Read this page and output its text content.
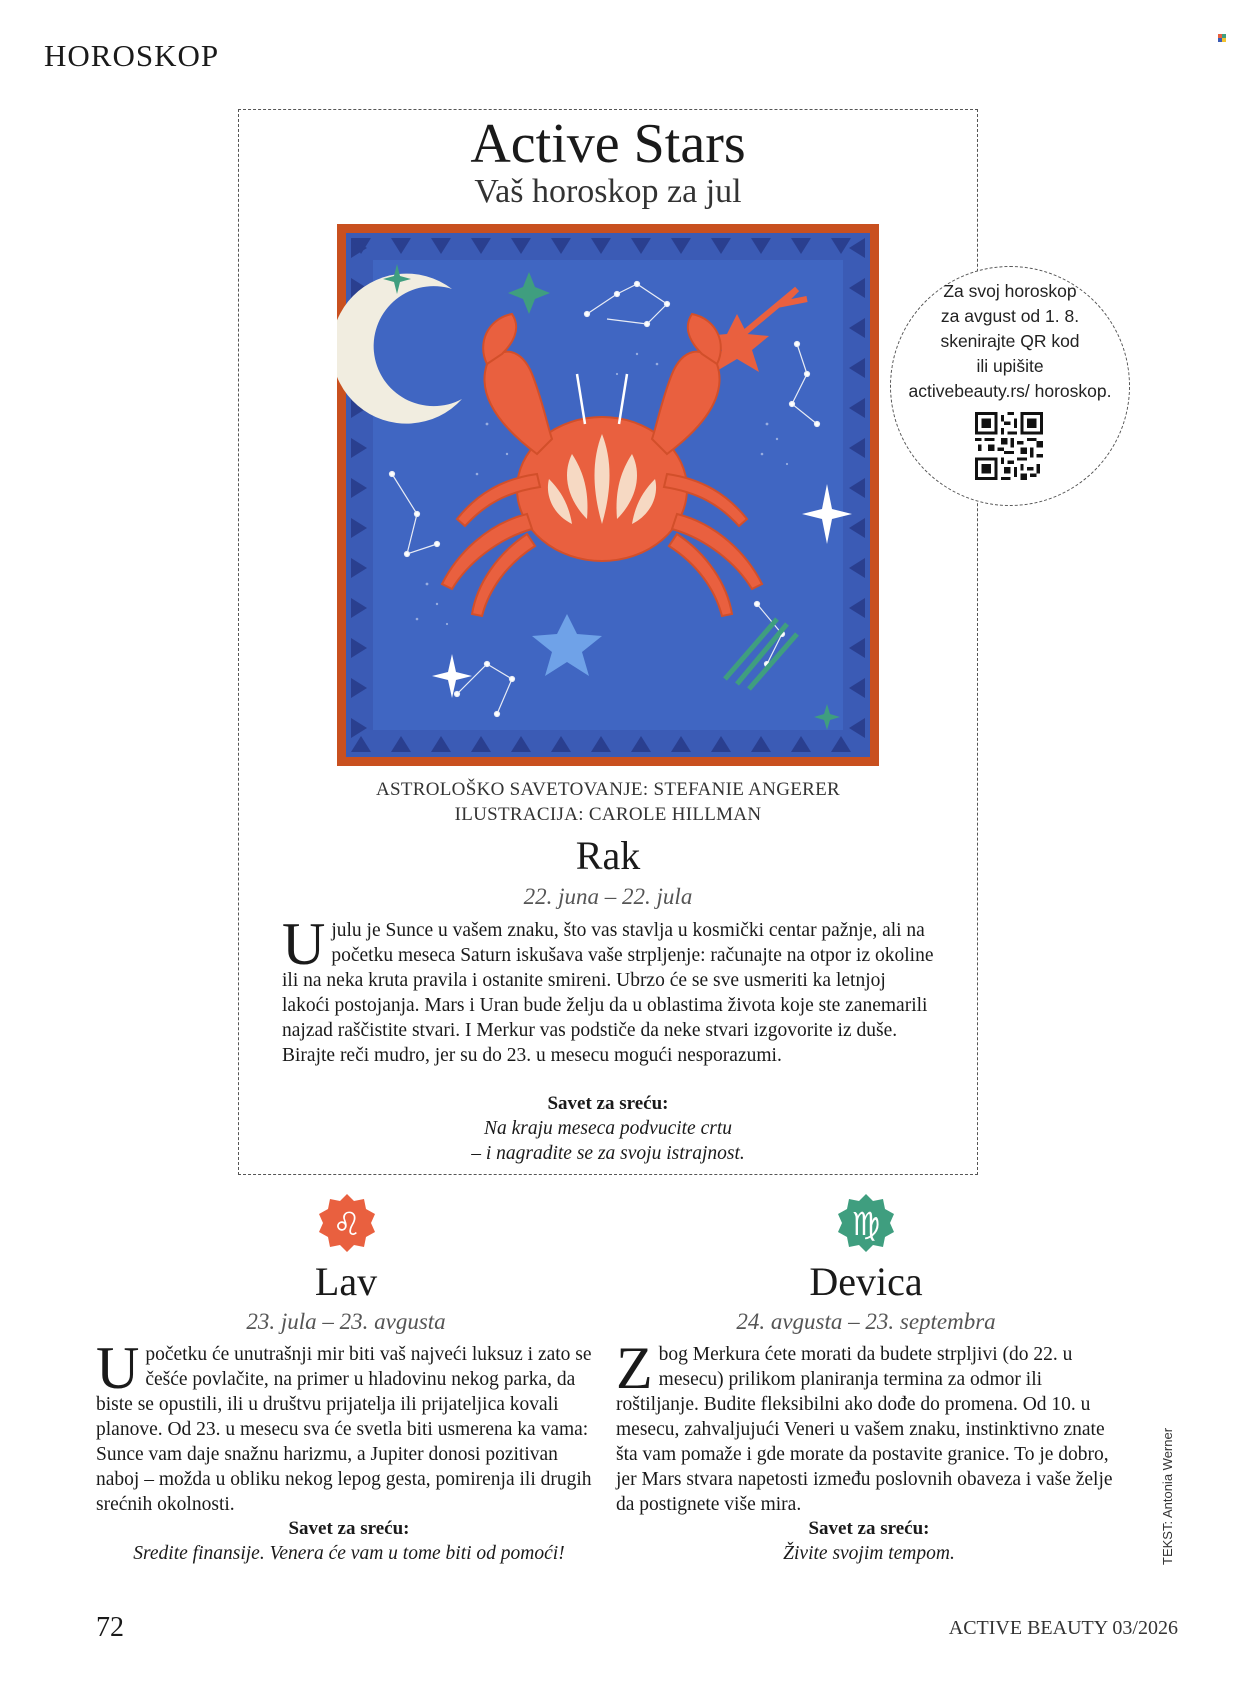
HOROSKOP
Active Stars
Vaš horoskop za jul
ASTROLOŠKO SAVETOVANJE: STEFANIE ANGERER
ILUSTRACIJA: CAROLE HILLMAN
Za svoj horoskop
za avgust od 1. 8.
skenirajte QR kod
ili upišite
activebeauty.rs/ horoskop.
Rak
22. juna – 22. jula
Ujulu je Sunce u vašem znaku, što vas stavlja u kosmički centar pažnje, ali na početku meseca Saturn iskušava vaše strpljenje: računajte na otpor iz okoline ili na neka kruta pravila i ostanite smireni. Ubrzo će se sve usmeriti ka letnjoj lakoći postojanja. Mars i Uran bude želju da u oblastima života koje ste zanemarili najzad raščistite stvari. I Merkur vas podstiče da neke stvari izgovorite iz duše. Birajte reči mudro, jer su do 23. u mesecu mogući nesporazumi.
Savet za sreću:
Na kraju meseca podvucite crtu
– i nagradite se za svoju istrajnost.
♌
Lav
23. jula – 23. avgusta
Upočetku će unutrašnji mir biti vaš najveći luksuz i zato se češće povlačite, na primer u hladovinu nekog parka, da biste se opustili, ili u društvu prijatelja ili prijateljica kovali planove. Od 23. u mesecu sva će svetla biti usmerena ka vama: Sunce vam daje snažnu harizmu, a Jupiter donosi pozitivan naboj – možda u obliku nekog lepog gesta, pomirenja ili drugih srećnih okolnosti.
Savet za sreću:
Sredite finansije. Venera će vam u tome biti od pomoći!
♍
Devica
24. avgusta – 23. septembra
Zbog Merkura ćete morati da budete strpljivi (do 22. u mesecu) prilikom planiranja termina za odmor ili roštiljanje. Budite fleksibilni ako dođe do promena. Od 10. u mesecu, zahvaljujući Veneri u vašem znaku, instinktivno znate šta vam pomaže i gde morate da postavite granice. To je dobro, jer Mars stvara napetosti između poslovnih obaveza i vaše želje da postignete više mira.
Savet za sreću:
Živite svojim tempom.	TEKST: Antonia Werner
72	ACTIVE BEAUTY 03/2026
